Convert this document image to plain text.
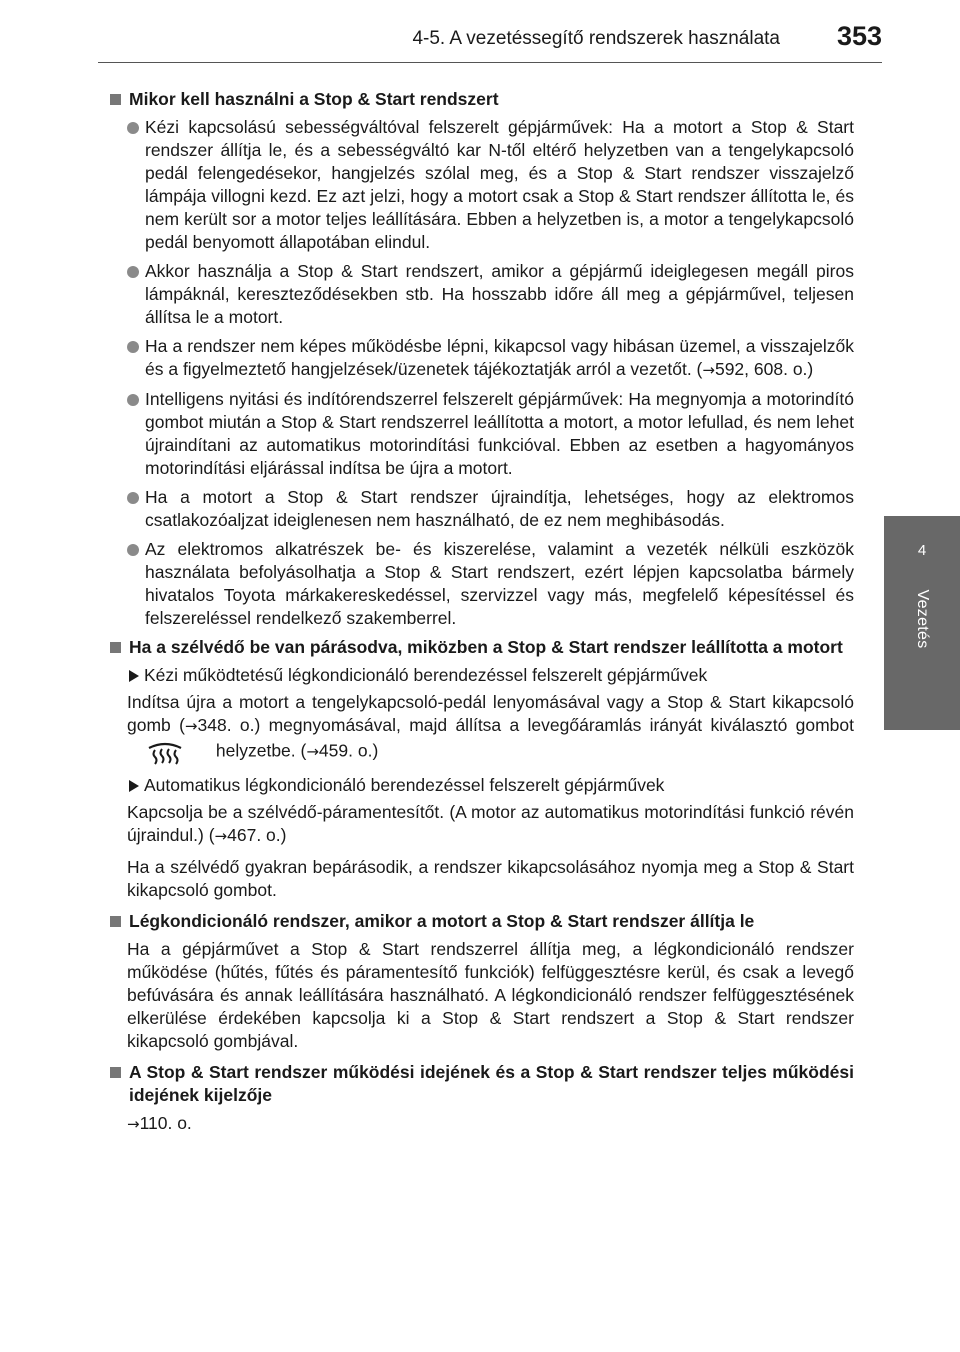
4-5. A vezetéssegítő rendszerek használata 353
4
Vezetés
Mikor kell használni a Stop & Start rendszert
Kézi kapcsolású sebességváltóval felszerelt gépjárművek: Ha a motort a Stop & Start rendszer állítja le, és a sebességváltó kar N-től eltérő helyzetben van a tengelykapcsoló pedál felengedésekor, hangjelzés szólal meg, és a Stop & Start rendszer visszajelző lámpája villogni kezd. Ez azt jelzi, hogy a motort csak a Stop & Start rendszer állította le, és nem került sor a motor teljes leállítására. Ebben a helyzetben is, a motor a tengelykapcsoló pedál benyomott állapotában elindul.
Akkor használja a Stop & Start rendszert, amikor a gépjármű ideiglegesen megáll piros lámpáknál, kereszteződésekben stb. Ha hosszabb időre áll meg a gépjárművel, teljesen állítsa le a motort.
Ha a rendszer nem képes működésbe lépni, kikapcsol vagy hibásan üzemel, a visszajelzők és a figyelmeztető hangjelzések/üzenetek tájékoztatják arról a vezetőt. (→592, 608. o.)
Intelligens nyitási és indítórendszerrel felszerelt gépjárművek: Ha megnyomja a motorindító gombot miután a Stop & Start rendszerrel leállította a motort, a motor lefullad, és nem lehet újraindítani az automatikus motorindítási funkcióval. Ebben az esetben a hagyományos motorindítási eljárással indítsa be újra a motort.
Ha a motort a Stop & Start rendszer újraindítja, lehetséges, hogy az elektromos csatlakozóaljzat ideiglenesen nem használható, de ez nem meghibásodás.
Az elektromos alkatrészek be- és kiszerelése, valamint a vezeték nélküli eszközök használata befolyásolhatja a Stop & Start rendszert, ezért lépjen kapcsolatba bármely hivatalos Toyota márkakereskedéssel, szervizzel vagy más, megfelelő képesítéssel és felszereléssel rendelkező szakemberrel.
Ha a szélvédő be van párásodva, miközben a Stop & Start rendszer leállította a motort
Kézi működtetésű légkondicionáló berendezéssel felszerelt gépjárművek
Indítsa újra a motort a tengelykapcsoló-pedál lenyomásával vagy a Stop & Start kikapcsoló gomb (→348. o.) megnyomásával, majd állítsa a levegőáramlás irányát kiválasztó gombot  helyzetbe. (→459. o.)
Automatikus légkondicionáló berendezéssel felszerelt gépjárművek
Kapcsolja be a szélvédő-páramentesítőt. (A motor az automatikus motorindítási funkció révén újraindul.) (→467. o.)
Ha a szélvédő gyakran bepárásodik, a rendszer kikapcsolásához nyomja meg a Stop & Start kikapcsoló gombot.
Légkondicionáló rendszer, amikor a motort a Stop & Start rendszer állítja le
Ha a gépjárművet a Stop & Start rendszerrel állítja meg, a légkondicionáló rendszer működése (hűtés, fűtés és páramentesítő funkciók) felfüggesztésre kerül, és csak a levegő befúvására és annak leállítására használható. A légkondicionáló rendszer felfüggesztésének elkerülése érdekében kapcsolja ki a Stop & Start rendszert a Stop & Start rendszer kikapcsoló gombjával.
A Stop & Start rendszer működési idejének és a Stop & Start rendszer teljes működési idejének kijelzője
→110. o.
